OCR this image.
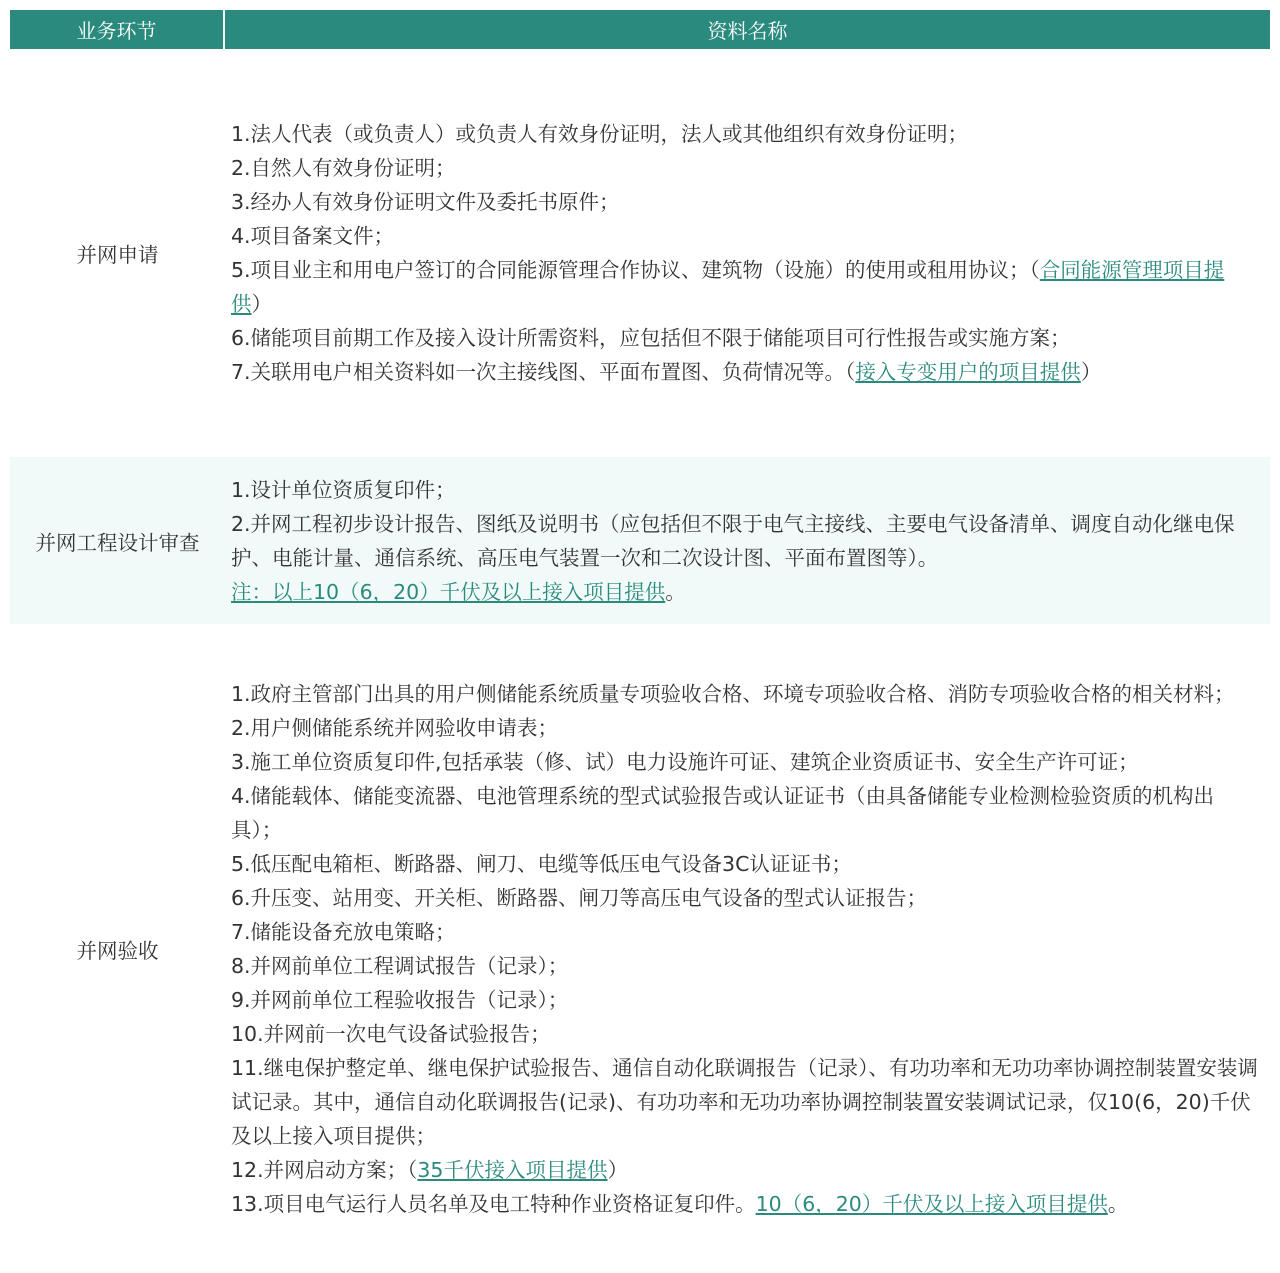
业务环节	资料名称
并网申请
1.法人代表（或负责人）或负责人有效身份证明，法人或其他组织有效身份证明；
2.自然人有效身份证明；
3.经办人有效身份证明文件及委托书原件；
4.项目备案文件；
5.项目业主和用电户签订的合同能源管理合作协议、建筑物（设施）的使用或租用协议；（合同能源管理项目提供）
6.储能项目前期工作及接入设计所需资料，应包括但不限于储能项目可行性报告或实施方案；
7.关联用电户相关资料如一次主接线图、平面布置图、负荷情况等。（接入专变用户的项目提供）
并网工程设计审查
1.设计单位资质复印件；
2.并网工程初步设计报告、图纸及说明书（应包括但不限于电气主接线、主要电气设备清单、调度自动化继电保护、电能计量、通信系统、高压电气装置一次和二次设计图、平面布置图等）。
注：以上10（6，20）千伏及以上接入项目提供。
并网验收
1.政府主管部门出具的用户侧储能系统质量专项验收合格、环境专项验收合格、消防专项验收合格的相关材料；
2.用户侧储能系统并网验收申请表；
3.施工单位资质复印件,包括承装（修、试）电力设施许可证、建筑企业资质证书、安全生产许可证；
4.储能载体、储能变流器、电池管理系统的型式试验报告或认证证书（由具备储能专业检测检验资质的机构出具）；
5.低压配电箱柜、断路器、闸刀、电缆等低压电气设备3C认证证书；
6.升压变、站用变、开关柜、断路器、闸刀等高压电气设备的型式认证报告；
7.储能设备充放电策略；
8.并网前单位工程调试报告（记录）；
9.并网前单位工程验收报告（记录）；
10.并网前一次电气设备试验报告；
11.继电保护整定单、继电保护试验报告、通信自动化联调报告（记录）、有功功率和无功功率协调控制装置安装调试记录。其中，通信自动化联调报告(记录)、有功功率和无功功率协调控制装置安装调试记录，仅10(6，20)千伏及以上接入项目提供；
12.并网启动方案；（35千伏接入项目提供）
13.项目电气运行人员名单及电工特种作业资格证复印件。10（6，20）千伏及以上接入项目提供。
